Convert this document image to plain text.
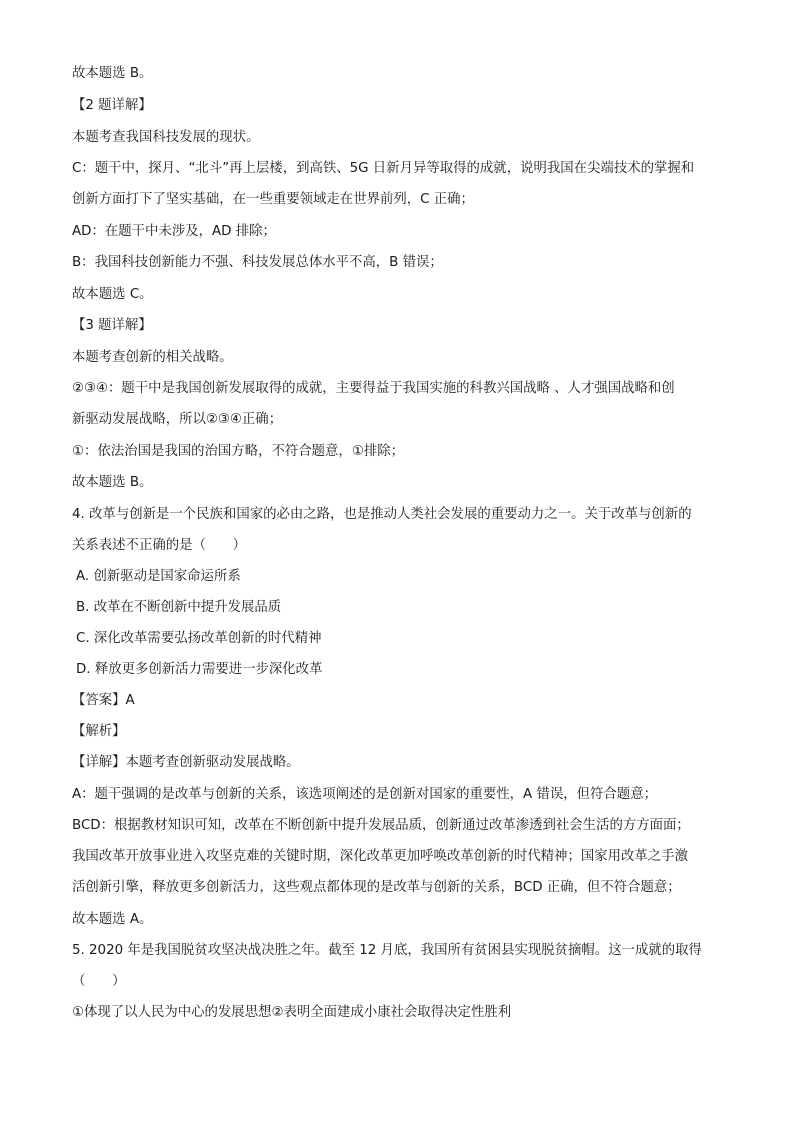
故本题选 B。
【2 题详解】
本题考查我国科技发展的现状。
C：题干中，探月、“北斗”再上层楼，到高铁、5G 日新月异等取得的成就，说明我国在尖端技术的掌握和
创新方面打下了坚实基础，在一些重要领域走在世界前列，C 正确；
AD：在题干中未涉及，AD 排除；
B：我国科技创新能力不强、科技发展总体水平不高，B 错误；
故本题选 C。
【3 题详解】
本题考查创新的相关战略。
②③④：题干中是我国创新发展取得的成就，主要得益于我国实施的科教兴国战略 、人才强国战略和创
新驱动发展战略，所以②③④正确；
①：依法治国是我国的治国方略，不符合题意，①排除；
故本题选 B。
4. 改革与创新是一个民族和国家的必由之路，也是推动人类社会发展的重要动力之一。关于改革与创新的
关系表述不正确的是（　　）
A. 创新驱动是国家命运所系
B. 改革在不断创新中提升发展品质
C. 深化改革需要弘扬改革创新的时代精神
D. 释放更多创新活力需要进一步深化改革
【答案】A
【解析】
【详解】本题考查创新驱动发展战略。
A：题干强调的是改革与创新的关系，该选项阐述的是创新对国家的重要性，A 错误，但符合题意；
BCD：根据教材知识可知，改革在不断创新中提升发展品质，创新通过改革渗透到社会生活的方方面面；
我国改革开放事业进入攻坚克难的关键时期，深化改革更加呼唤改革创新的时代精神；国家用改革之手激
活创新引擎，释放更多创新活力，这些观点都体现的是改革与创新的关系，BCD 正确，但不符合题意；
故本题选 A。
5. 2020 年是我国脱贫攻坚决战决胜之年。截至 12 月底，我国所有贫困县实现脱贫摘帽。这一成就的取得
（　　）
①体现了以人民为中心的发展思想②表明全面建成小康社会取得决定性胜利
